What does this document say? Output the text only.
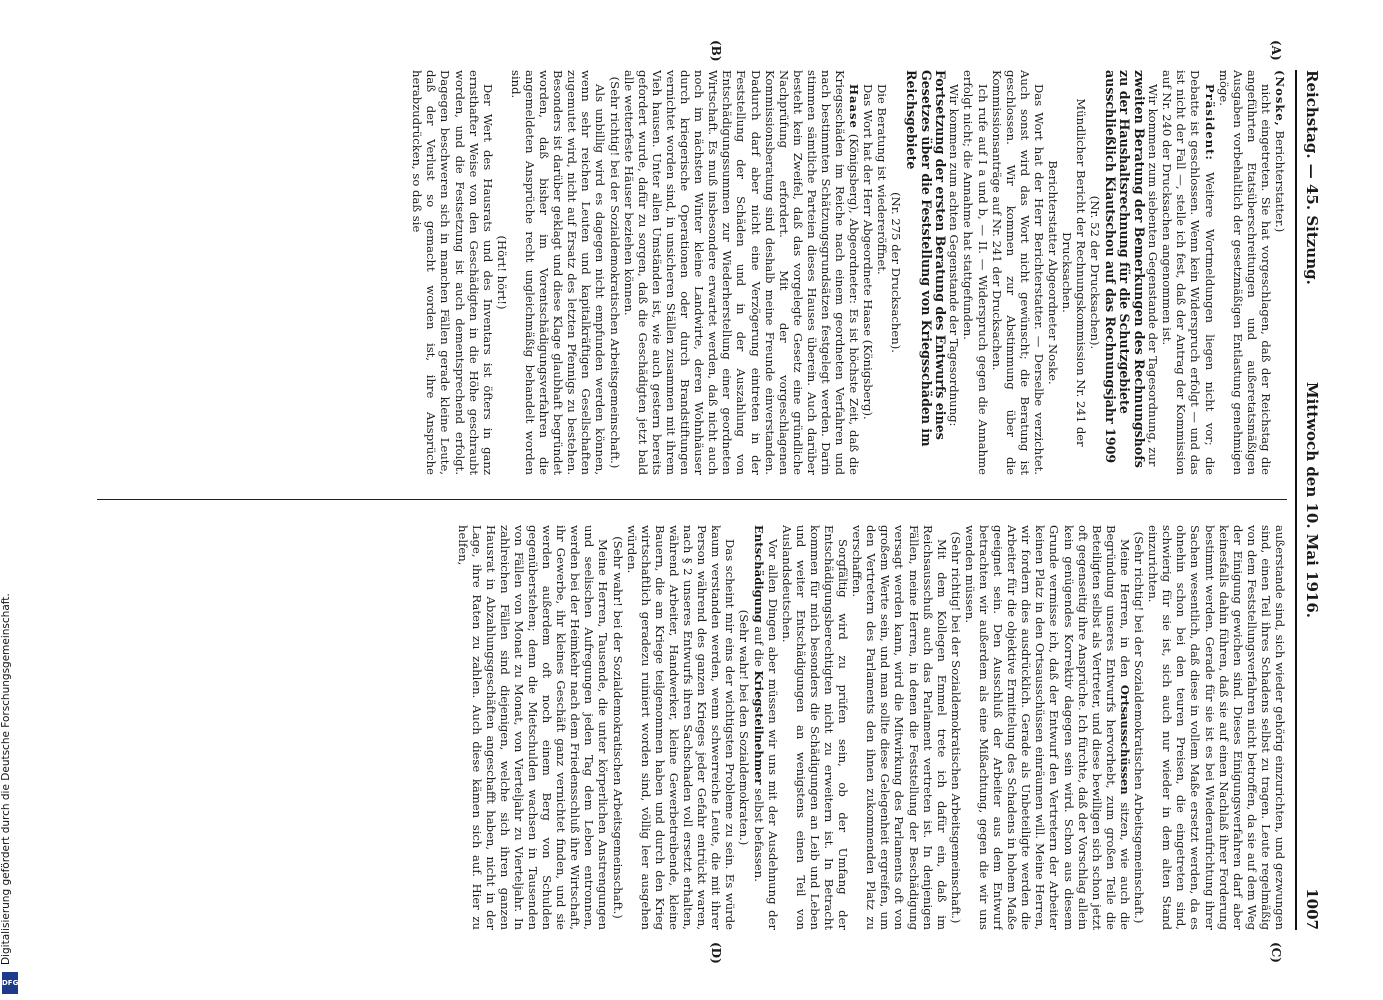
Reichstag. — 45. Sitzung.
Mittwoch den 10. Mai 1916.
1007
(A)
(B)
(C)
(D)

(Noske, Berichterstatter.)

nicht eingetreten. Sie hat vorgeschlagen, daß der Reichstag die angeführten Etatsüberschreitungen und außeretatsmäßigen Ausgaben vorbehaltlich der gesetzmäßigen Entlastung genehmigen möge.

Präsident: Weitere Wortmeldungen liegen nicht vor; die Debatte ist geschlossen. Wenn kein Widerspruch erfolgt — und das ist nicht der Fall —, stelle ich fest, daß der Antrag der Kommission auf Nr. 240 der Drucksachen angenommen ist.

Wir kommen zum siebenten Gegenstande der Tagesordnung, zur

zweiten Beratung der Bemerkungen des Rechnungshofs zu der Haushaltsrechnung für die Schutzgebiete ausschließlich Kiautschou auf das Rechnungsjahr 1909

(Nr. 52 der Drucksachen).

Mündlicher Bericht der Rechnungskommission Nr. 241 der Drucksachen.

Berichterstatter Abgeordneter Noske.

Das Wort hat der Herr Berichterstatter. — Derselbe verzichtet. Auch sonst wird das Wort nicht gewünscht; die Beratung ist geschlossen. Wir kommen zur Abstimmung über die Kommissionsanträge auf Nr. 241 der Drucksachen.

Ich rufe auf I a und b, — II. — Widerspruch gegen die Annahme erfolgt nicht; die Annahme hat stattgefunden.

Wir kommen zum achten Gegenstande der Tagesordnung:

Fortsetzung der ersten Beratung des Entwurfs eines Gesetzes über die Feststellung von Kriegsschäden im Reichsgebiete

(Nr. 275 der Drucksachen).

Die Beratung ist wiedereröffnet.

Das Wort hat der Herr Abgeordnete Haase (Königsberg).

Haase (Königsberg), Abgeordneter: Es ist höchste Zeit, daß die Kriegsschäden im Reiche nach einem geordneten Verfahren und nach bestimmten Schätzungsgrundsätzen festgelegt werden. Darin stimmen sämtliche Parteien dieses Hauses überein. Auch darüber besteht kein Zweifel, daß das vorgelegte Gesetz eine gründliche Nachprüfung erfordert. Mit der vorgeschlagenen Kommissionsberatung sind deshalb meine Freunde einverstanden. Dadurch darf aber nicht eine Verzögerung eintreten in der Feststellung der Schäden und in der Auszahlung von Entschädigungssummen zur Wiederherstellung einer geordneten Wirtschaft. Es muß insbesondere erwartet werden, daß nicht auch noch im nächsten Winter kleine Landwirte, deren Wohnhäuser durch kriegerische Operationen oder durch Brandstiftungen vernichtet worden sind, in unsicheren Ställen zusammen mit ihrem Vieh hausen. Unter allen Umständen ist, wie auch gestern bereits gefordert wurde, dafür zu sorgen, daß die Geschädigten jetzt bald alle wetterfeste Häuser beziehen können.

(Sehr richtig! bei der Sozialdemokratischen Arbeitsgemeinschaft.)

Als unbillig wird es dagegen nicht empfunden werden können, wenn sehr reichen Leuten und kapitalkräftigen Gesellschaften zugemutet wird, nicht auf Ersatz des letzten Pfennigs zu bestehen. Besonders ist darüber geklagt und diese Klage glaubhaft begründet worden, daß bisher im Vorentschädigungsverfahren die angemeldeten Ansprüche recht ungleichmäßig behandelt worden sind.

(Hört! hört!)

Der Wert des Hausrats und des Inventars ist öfters in ganz ernsthafter Weise von den Geschädigten in die Höhe geschraubt worden, und die Festsetzung ist auch dementsprechend erfolgt. Dagegen beschweren sich in manchen Fällen gerade kleine Leute, daß der Verlust so gemacht worden ist, ihre Ansprüche herabzudrücken, so daß sie

außerstande sind, sich wieder gehörig einzurichten, und gezwungen sind, einen Teil ihres Schadens selbst zu tragen. Leute regelmäßig von dem Feststellungsverfahren nicht betroffen, da sie auf dem Weg der Einigung gewichen sind. Dieses Einigungsverfahren darf aber keinesfalls dahin führen, daß sie auf einen Nachlaß ihrer Forderung bestimmt werden. Gerade für sie ist es bei Wiederaufrichtung ihrer Sachen wesentlich, daß diese in vollem Maße ersetzt werden, da es ohnehin schon bei den teuren Preisen, die eingetreten sind, schwierig für sie ist, sich auch nur wieder in dem alten Stand einzurichten.

(Sehr richtig! bei der Sozialdemokratischen Arbeitsgemeinschaft.)

Meine Herren, in den Ortsausschüssen sitzen, wie auch die Begründung unseres Entwurfs hervorhebt, zum großen Teile die Beteiligten selbst als Vertreter, und diese bewilligen sich schon jetzt oft gegenseitig ihre Ansprüche. Ich fürchte, daß der Vorschlag allein kein genügendes Korrektiv dagegen sein wird. Schon aus diesem Grunde vermisse ich, daß der Entwurf den Vertretern der Arbeiter keinen Platz in den Ortsausschüssen einräumen will. Meine Herren, wir fordern dies ausdrücklich. Gerade als Unbeteiligte werden die Arbeiter für die objektive Ermittelung des Schadens in hohem Maße geeignet sein. Den Ausschluß der Arbeiter aus dem Entwurf betrachten wir außerdem als eine Mißachtung, gegen die wir uns wenden müssen.

(Sehr richtig! bei der Sozialdemokratischen Arbeitsgemeinschaft.)

Mit dem Kollegen Emmel trete ich dafür ein, daß im Reichsausschuß auch das Parlament vertreten ist. In denjenigen Fällen, meine Herren, in denen die Feststellung der Beschädigung versagt werden kann, wird die Mitwirkung des Parlaments oft von großem Werte sein, und man sollte diese Gelegenheit ergreifen, um den Vertretern des Parlaments den ihnen zukommenden Platz zu verschaffen.

Sorgfältig wird zu prüfen sein, ob der Umfang der Entschädigungsberechtigten nicht zu erweitern ist. In Betracht kommen für mich besonders die Schädigungen an Leib und Leben und weiter Entschädigungen an wenigstens einen Teil von Auslandsdeutschen.

Vor allen Dingen aber müssen wir uns mit der Ausdehnung der Entschädigung auf die Kriegsteilnehmer selbst befassen.

(Sehr wahr! bei den Sozialdemokraten.)

Das scheint mir eins der wichtigsten Probleme zu sein. Es würde kaum verstanden werden, wenn schwerreiche Leute, die mit ihrer Person während des ganzen Krieges jeder Gefahr entrückt waren, nach § 2 unseres Entwurfs ihren Sachschaden voll ersetzt erhalten, während Arbeiter, Handwerker, kleine Gewerbetreibende, kleine Bauern, die am Kriege teilgenommen haben und durch den Krieg wirtschaftlich geradezu ruiniert worden sind, völlig leer ausgehen würden.

(Sehr wahr! bei der Sozialdemokratischen Arbeitsgemeinschaft.)

Meine Herren, Tausende, die unter körperlichen Anstrengungen und seelischen Aufregungen jeden Tag dem Leben entronnen, werden bei der Heimkehr nach dem Friedensschluß ihre Wirtschaft, ihr Gewerbe, ihr kleines Geschäft ganz vernichtet finden, und sie werden außerdem oft noch einem Berg von Schulden gegenüberstehen; denn die Mietschulden wachsen in Tausenden von Fällen von Monat zu Monat, von Vierteljahr zu Vierteljahr. In zahlreichen Fällen sind diejenigen, welche sich ihren ganzen Hausrat in Abzahlungsgeschäften angeschafft haben, nicht in der Lage, ihre Raten zu zahlen. Auch diese kämen sich auf. Hier zu helfen,

Digitalisierung gefördert durch die Deutsche Forschungsgemeinschaft.
DFG
